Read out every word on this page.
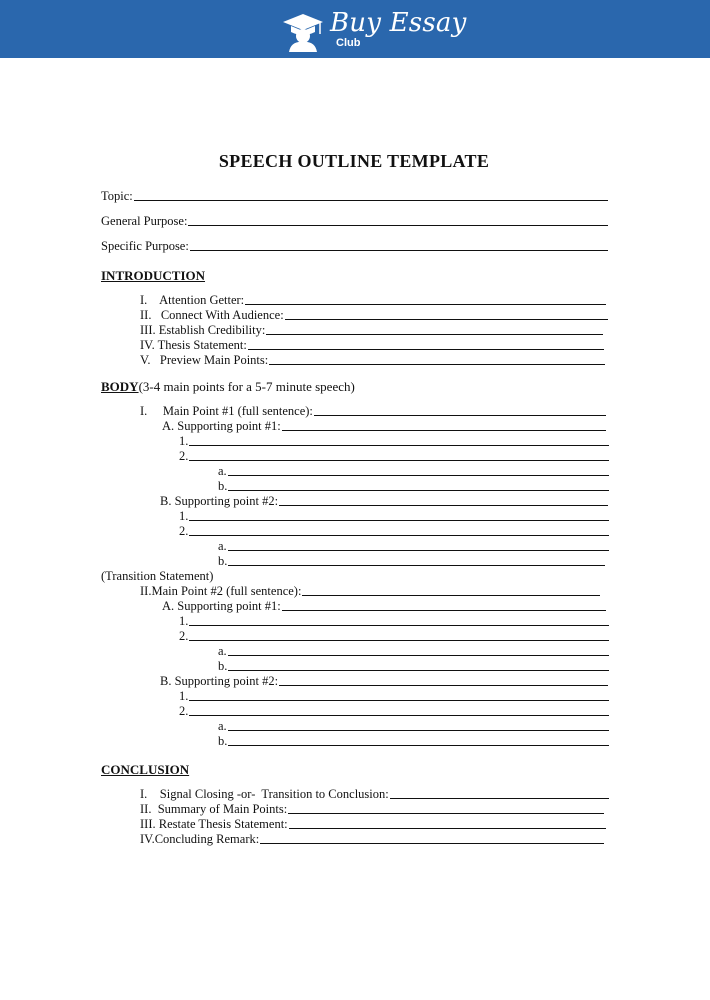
Buy Essay
Club
SPEECH OUTLINE TEMPLATE
Topic:
General Purpose:
Specific Purpose:
INTRODUCTION
I.    Attention Getter:
II.   Connect With Audience:
III. Establish Credibility:
IV. Thesis Statement:
V.   Preview Main Points:
BODY(3-4 main points for a 5-7 minute speech)
I.     Main Point #1 (full sentence):
A. Supporting point #1:
1.
2.
a.
b.
B. Supporting point #2:
1.
2.
a.
b.
(Transition Statement)
II.Main Point #2 (full sentence):
A. Supporting point #1:
1.
2.
a.
b.
B. Supporting point #2:
1.
2.
a.
b.
CONCLUSION
I.    Signal Closing -or-  Transition to Conclusion:
II.  Summary of Main Points:
III. Restate Thesis Statement:
IV.Concluding Remark:
